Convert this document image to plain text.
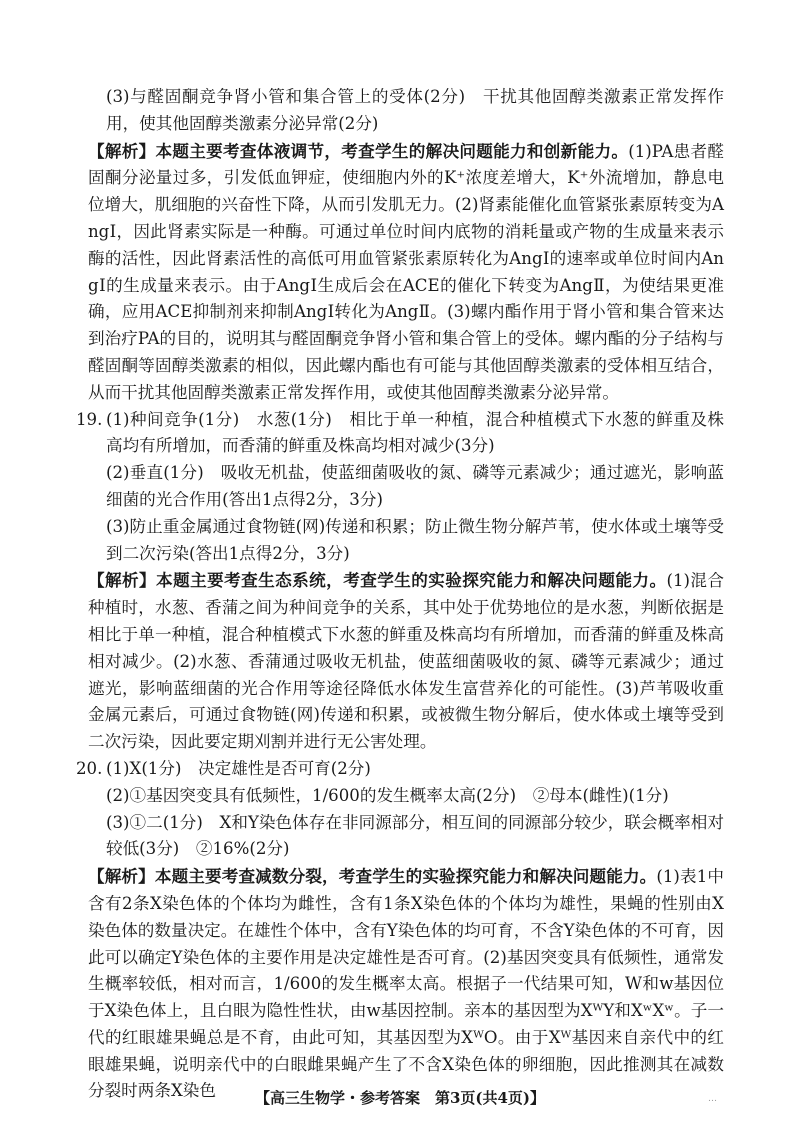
(3)与醛固酮竞争肾小管和集合管上的受体(2分)　干扰其他固醇类激素正常发挥作用，使其他固醇类激素分泌异常(2分)

【解析】本题主要考查体液调节，考查学生的解决问题能力和创新能力。(1)PA患者醛固酮分泌量过多，引发低血钾症，使细胞内外的K⁺浓度差增大，K⁺外流增加，静息电位增大，肌细胞的兴奋性下降，从而引发肌无力。(2)肾素能催化血管紧张素原转变为AngⅠ，因此肾素实际是一种酶。可通过单位时间内底物的消耗量或产物的生成量来表示酶的活性，因此肾素活性的高低可用血管紧张素原转化为AngⅠ的速率或单位时间内AngⅠ的生成量来表示。由于AngⅠ生成后会在ACE的催化下转变为AngⅡ，为使结果更准确，应用ACE抑制剂来抑制AngⅠ转化为AngⅡ。(3)螺内酯作用于肾小管和集合管来达到治疗PA的目的，说明其与醛固酮竞争肾小管和集合管上的受体。螺内酯的分子结构与醛固酮等固醇类激素的相似，因此螺内酯也有可能与其他固醇类激素的受体相互结合，从而干扰其他固醇类激素正常发挥作用，或使其他固醇类激素分泌异常。

19. (1)种间竞争(1分)　水葱(1分)　相比于单一种植，混合种植模式下水葱的鲜重及株高均有所增加，而香蒲的鲜重及株高均相对减少(3分)

(2)垂直(1分)　吸收无机盐，使蓝细菌吸收的氮、磷等元素减少；通过遮光，影响蓝细菌的光合作用(答出1点得2分，3分)

(3)防止重金属通过食物链(网)传递和积累；防止微生物分解芦苇，使水体或土壤等受到二次污染(答出1点得2分，3分)

【解析】本题主要考查生态系统，考查学生的实验探究能力和解决问题能力。(1)混合种植时，水葱、香蒲之间为种间竞争的关系，其中处于优势地位的是水葱，判断依据是相比于单一种植，混合种植模式下水葱的鲜重及株高均有所增加，而香蒲的鲜重及株高相对减少。(2)水葱、香蒲通过吸收无机盐，使蓝细菌吸收的氮、磷等元素减少；通过遮光，影响蓝细菌的光合作用等途径降低水体发生富营养化的可能性。(3)芦苇吸收重金属元素后，可通过食物链(网)传递和积累，或被微生物分解后，使水体或土壤等受到二次污染，因此要定期刈割并进行无公害处理。

20. (1)X(1分)　决定雄性是否可育(2分)

(2)①基因突变具有低频性，1/600的发生概率太高(2分)　②母本(雌性)(1分)

(3)①二(1分)　X和Y染色体存在非同源部分，相互间的同源部分较少，联会概率相对较低(3分)　②16%(2分)

【解析】本题主要考查减数分裂，考查学生的实验探究能力和解决问题能力。(1)表1中含有2条X染色体的个体均为雌性，含有1条X染色体的个体均为雄性，果蝇的性别由X染色体的数量决定。在雄性个体中，含有Y染色体的均可育，不含Y染色体的不可育，因此可以确定Y染色体的主要作用是决定雄性是否可育。(2)基因突变具有低频性，通常发生概率较低，相对而言，1/600的发生概率太高。根据子一代结果可知，W和w基因位于X染色体上，且白眼为隐性性状，由w基因控制。亲本的基因型为XᵂY和XʷXʷ。子一代的红眼雄果蝇总是不育，由此可知，其基因型为XᵂO。由于Xᵂ基因来自亲代中的红眼雄果蝇，说明亲代中的白眼雌果蝇产生了不含X染色体的卵细胞，因此推测其在减数分裂时两条X染色	【高三生物学・参考答案　第3页(共4页)】	…
